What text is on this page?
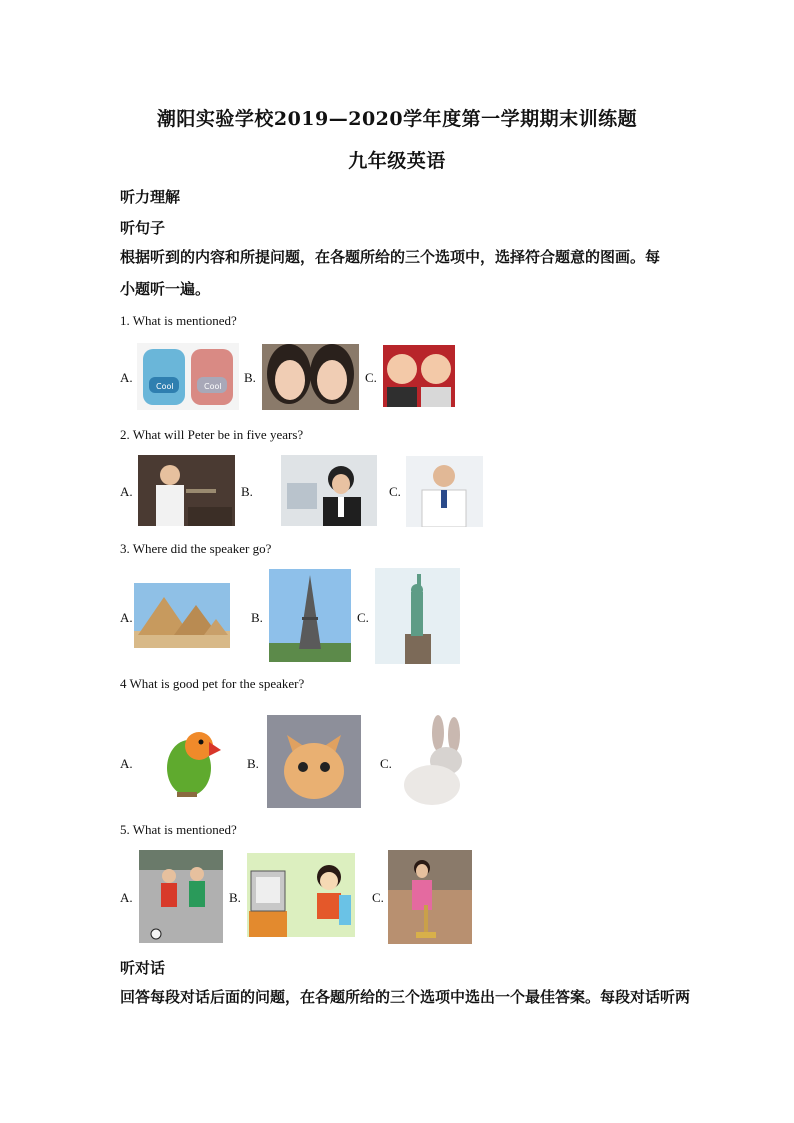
潮阳实验学校2019—2020学年度第一学期期末训练题
九年级英语
听力理解
听句子
根据听到的内容和所提问题，在各题所给的三个选项中，选择符合题意的图画。每小题听一遍。
1. What is mentioned?
A.
Cool	Cool
B.	C.
2. What will Peter be in five years?
A.	B.	C.
3. Where did the speaker go?
A.	B.	C.
4 What is good pet for the speaker?
A.	B.	C.
5. What is mentioned?
A.	B.	C.
听对话
回答每段对话后面的问题，在各题所给的三个选项中选出一个最佳答案。每段对话听两
